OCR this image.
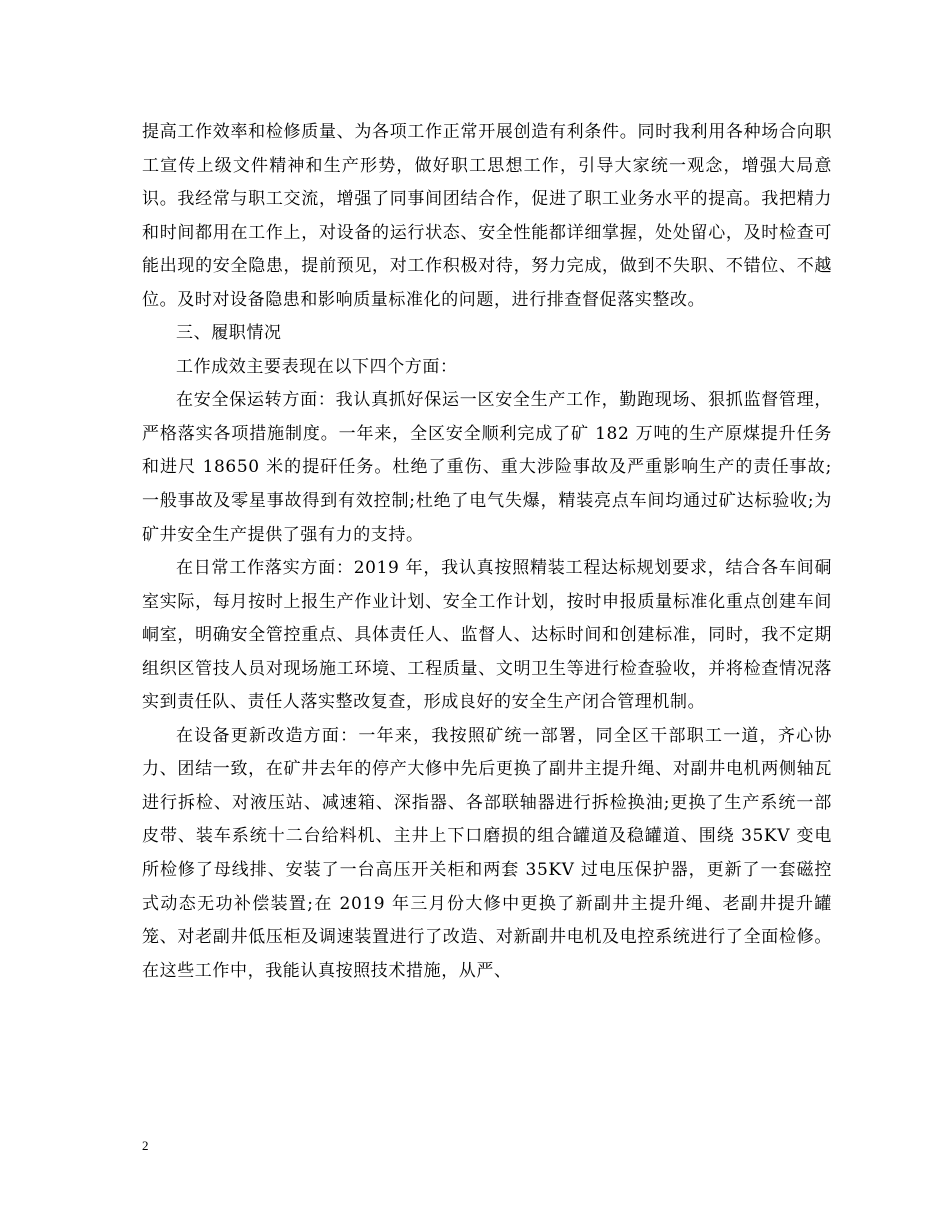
提高工作效率和检修质量、为各项工作正常开展创造有利条件。同时我利用各种场合向职工宣传上级文件精神和生产形势，做好职工思想工作，引导大家统一观念，增强大局意识。我经常与职工交流，增强了同事间团结合作，促进了职工业务水平的提高。我把精力和时间都用在工作上，对设备的运行状态、安全性能都详细掌握，处处留心，及时检查可能出现的安全隐患，提前预见，对工作积极对待，努力完成，做到不失职、不错位、不越位。及时对设备隐患和影响质量标准化的问题，进行排查督促落实整改。

三、履职情况

工作成效主要表现在以下四个方面：

在安全保运转方面：我认真抓好保运一区安全生产工作，勤跑现场、狠抓监督管理，严格落实各项措施制度。一年来，全区安全顺利完成了矿 182 万吨的生产原煤提升任务和进尺 18650 米的提矸任务。杜绝了重伤、重大涉险事故及严重影响生产的责任事故;一般事故及零星事故得到有效控制;杜绝了电气失爆，精装亮点车间均通过矿达标验收;为矿井安全生产提供了强有力的支持。

在日常工作落实方面：2019 年，我认真按照精装工程达标规划要求，结合各车间硐室实际，每月按时上报生产作业计划、安全工作计划，按时申报质量标准化重点创建车间峒室，明确安全管控重点、具体责任人、监督人、达标时间和创建标准，同时，我不定期组织区管技人员对现场施工环境、工程质量、文明卫生等进行检查验收，并将检查情况落实到责任队、责任人落实整改复查，形成良好的安全生产闭合管理机制。

在设备更新改造方面：一年来，我按照矿统一部署，同全区干部职工一道，齐心协力、团结一致，在矿井去年的停产大修中先后更换了副井主提升绳、对副井电机两侧轴瓦进行拆检、对液压站、减速箱、深指器、各部联轴器进行拆检换油;更换了生产系统一部皮带、装车系统十二台给料机、主井上下口磨损的组合罐道及稳罐道、围绕 35KV 变电所检修了母线排、安装了一台高压开关柜和两套 35KV 过电压保护器，更新了一套磁控式动态无功补偿装置;在 2019 年三月份大修中更换了新副井主提升绳、老副井提升罐笼、对老副井低压柜及调速装置进行了改造、对新副井电机及电控系统进行了全面检修。在这些工作中，我能认真按照技术措施，从严、

2
